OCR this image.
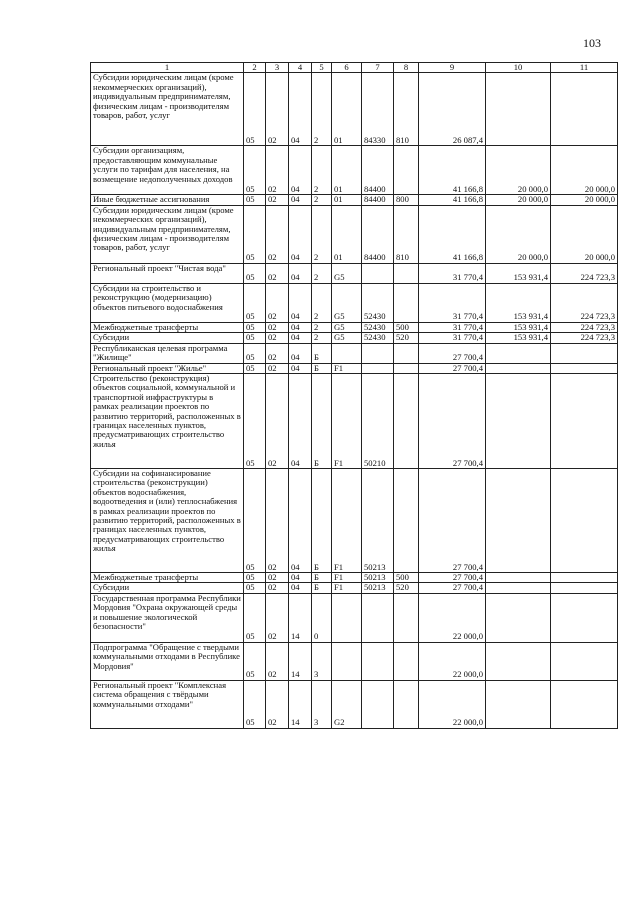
103
1	2	3	4	5	6	7	8	9	10	11
Субсидии юридическим лицам (кроме некоммерческих организаций), индивидуальным предпринимателям, физическим лицам - производителям товаров, работ, услуг	05	02	04	2	01	84330	810	26 087,4		
Субсидии организациям, предоставляющим коммунальные услуги по тарифам для населения, на возмещение недополученных доходов	05	02	04	2	01	84400		41 166,8	20 000,0	20 000,0
Иные бюджетные ассигнования	05	02	04	2	01	84400	800	41 166,8	20 000,0	20 000,0
Субсидии юридическим лицам (кроме некоммерческих организаций), индивидуальным предпринимателям, физическим лицам - производителям товаров, работ, услуг	05	02	04	2	01	84400	810	41 166,8	20 000,0	20 000,0
Региональный проект "Чистая вода"	05	02	04	2	G5			31 770,4	153 931,4	224 723,3
Субсидии на строительство и реконструкцию (модернизацию) объектов питьевого водоснабжения	05	02	04	2	G5	52430		31 770,4	153 931,4	224 723,3
Межбюджетные трансферты	05	02	04	2	G5	52430	500	31 770,4	153 931,4	224 723,3
Субсидии	05	02	04	2	G5	52430	520	31 770,4	153 931,4	224 723,3
Республиканская целевая программа "Жилище"	05	02	04	Б				27 700,4		
Региональный проект "Жилье"	05	02	04	Б	F1			27 700,4		
Строительство (реконструкция) объектов социальной, коммунальной и транспортной инфраструктуры в рамках реализации проектов по развитию территорий, расположенных в границах населенных пунктов, предусматривающих строительство жилья	05	02	04	Б	F1	50210		27 700,4		
Субсидии на софинансирование строительства (реконструкции) объектов водоснабжения, водоотведения и (или) теплоснабжения в рамках реализации проектов по развитию территорий, расположенных в границах населенных пунктов, предусматривающих строительство жилья	05	02	04	Б	F1	50213		27 700,4		
Межбюджетные трансферты	05	02	04	Б	F1	50213	500	27 700,4		
Субсидии	05	02	04	Б	F1	50213	520	27 700,4		
Государственная программа Республики Мордовия "Охрана окружающей среды и повышение экологической безопасности"	05	02	14	0				22 000,0		
Подпрограмма "Обращение с твердыми коммунальными отходами в Республике Мордовия"	05	02	14	3				22 000,0		
Региональный проект "Комплексная система обращения с твёрдыми коммунальными отходами"	05	02	14	3	G2			22 000,0		
